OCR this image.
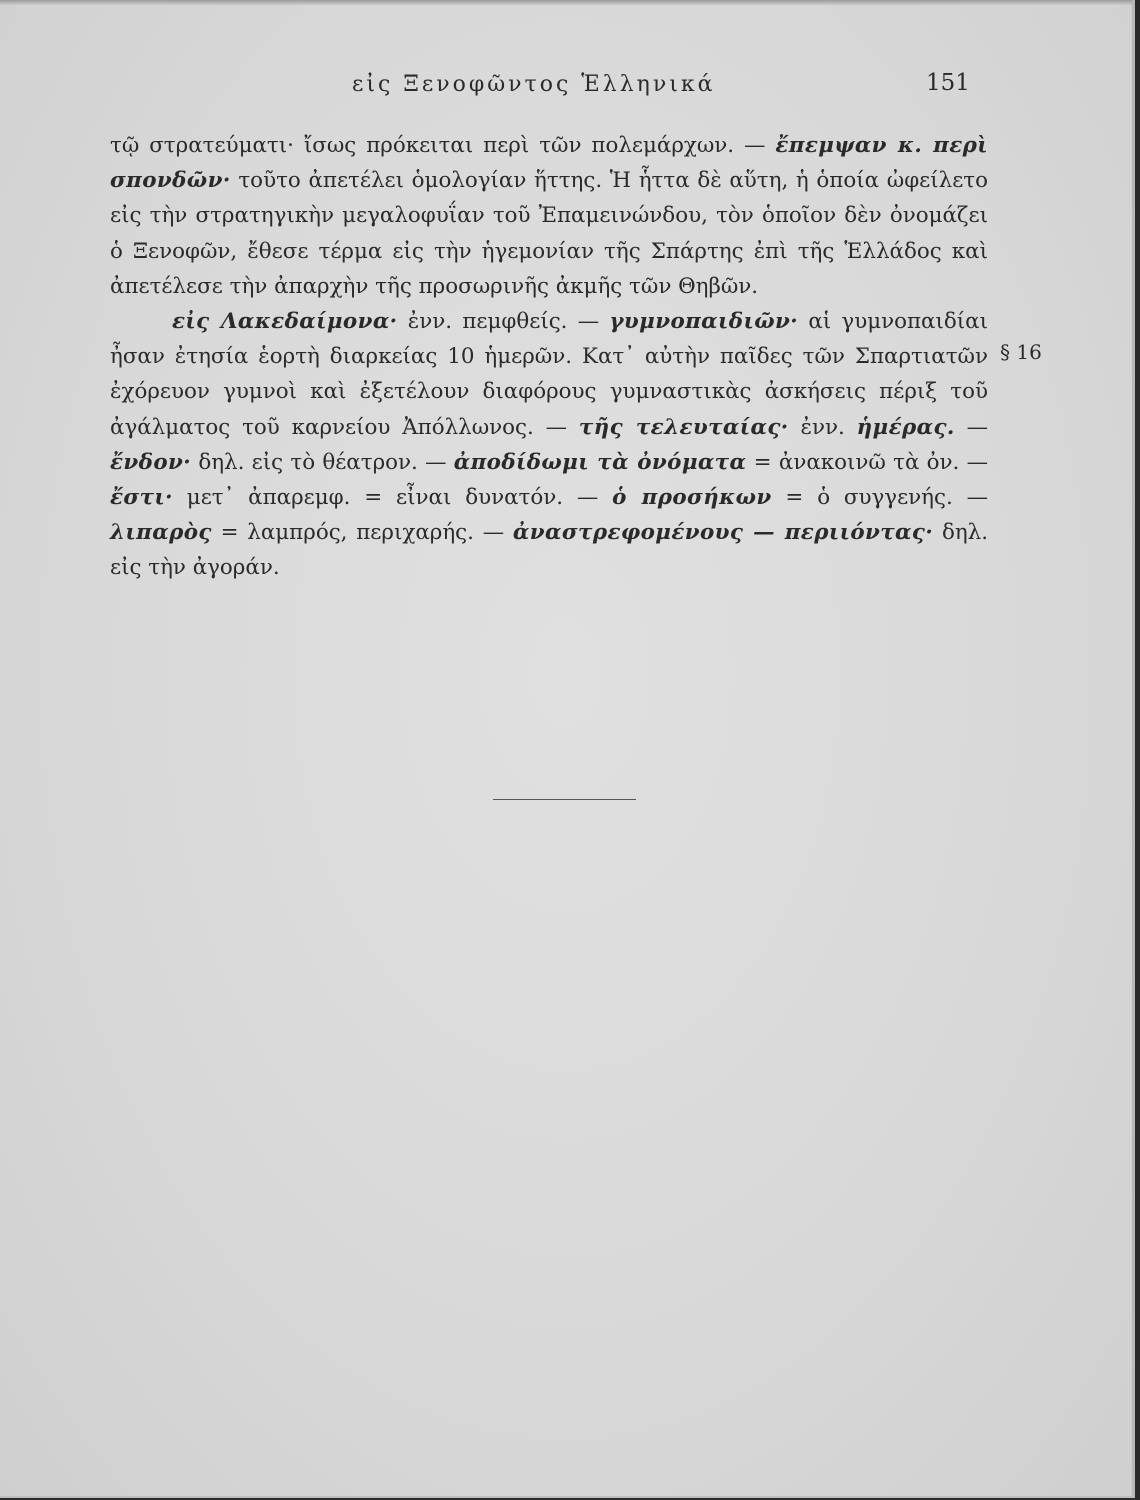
εἰς Ξενοφῶντος Ἑλληνικά	151
§ 16

τῷ στρατεύματι· ἴσως πρόκειται περὶ τῶν πολεμάρχων. — ἔπεμψαν κ. περὶ σπονδῶν· τοῦτο ἀπετέλει ὁμολογίαν ἥττης. Ἡ ἧττα δὲ αὕτη, ἡ ὁποία ὠφείλετο εἰς τὴν στρατηγικὴν μεγαλοφυΐαν τοῦ Ἐπαμεινώνδου, τὸν ὁποῖον δὲν ὀνομάζει ὁ Ξενοφῶν, ἔθεσε τέρμα εἰς τὴν ἡγεμονίαν τῆς Σπάρτης ἐπὶ τῆς Ἑλλάδος καὶ ἀπετέλεσε τὴν ἀπαρχὴν τῆς προσωρινῆς ἀκμῆς τῶν Θηβῶν.

εἰς Λακεδαίμονα· ἐνν. πεμφθείς. — γυμνοπαιδιῶν· αἱ γυμνοπαιδίαι ἦσαν ἐτησία ἑορτὴ διαρκείας 10 ἡμερῶν. Κατ᾽ αὐτὴν παῖδες τῶν Σπαρτιατῶν ἐχόρευον γυμνοὶ καὶ ἐξετέλουν διαφόρους γυμναστικὰς ἀσκήσεις πέριξ τοῦ ἀγάλματος τοῦ καρνείου Ἀπόλλωνος. — τῆς τελευταίας· ἐνν. ἡμέρας. — ἔνδον· δηλ. εἰς τὸ θέατρον. — ἀποδίδωμι τὰ ὀνόματα = ἀνακοινῶ τὰ ὀν. — ἔστι· μετ᾽ ἀπαρεμφ. = εἶναι δυνατόν. — ὁ προσήκων = ὁ συγγενής. — λιπαρὸς = λαμπρός, περιχαρής. — ἀναστρεφομένους — περιιόντας· δηλ. εἰς τὴν ἀγοράν.
